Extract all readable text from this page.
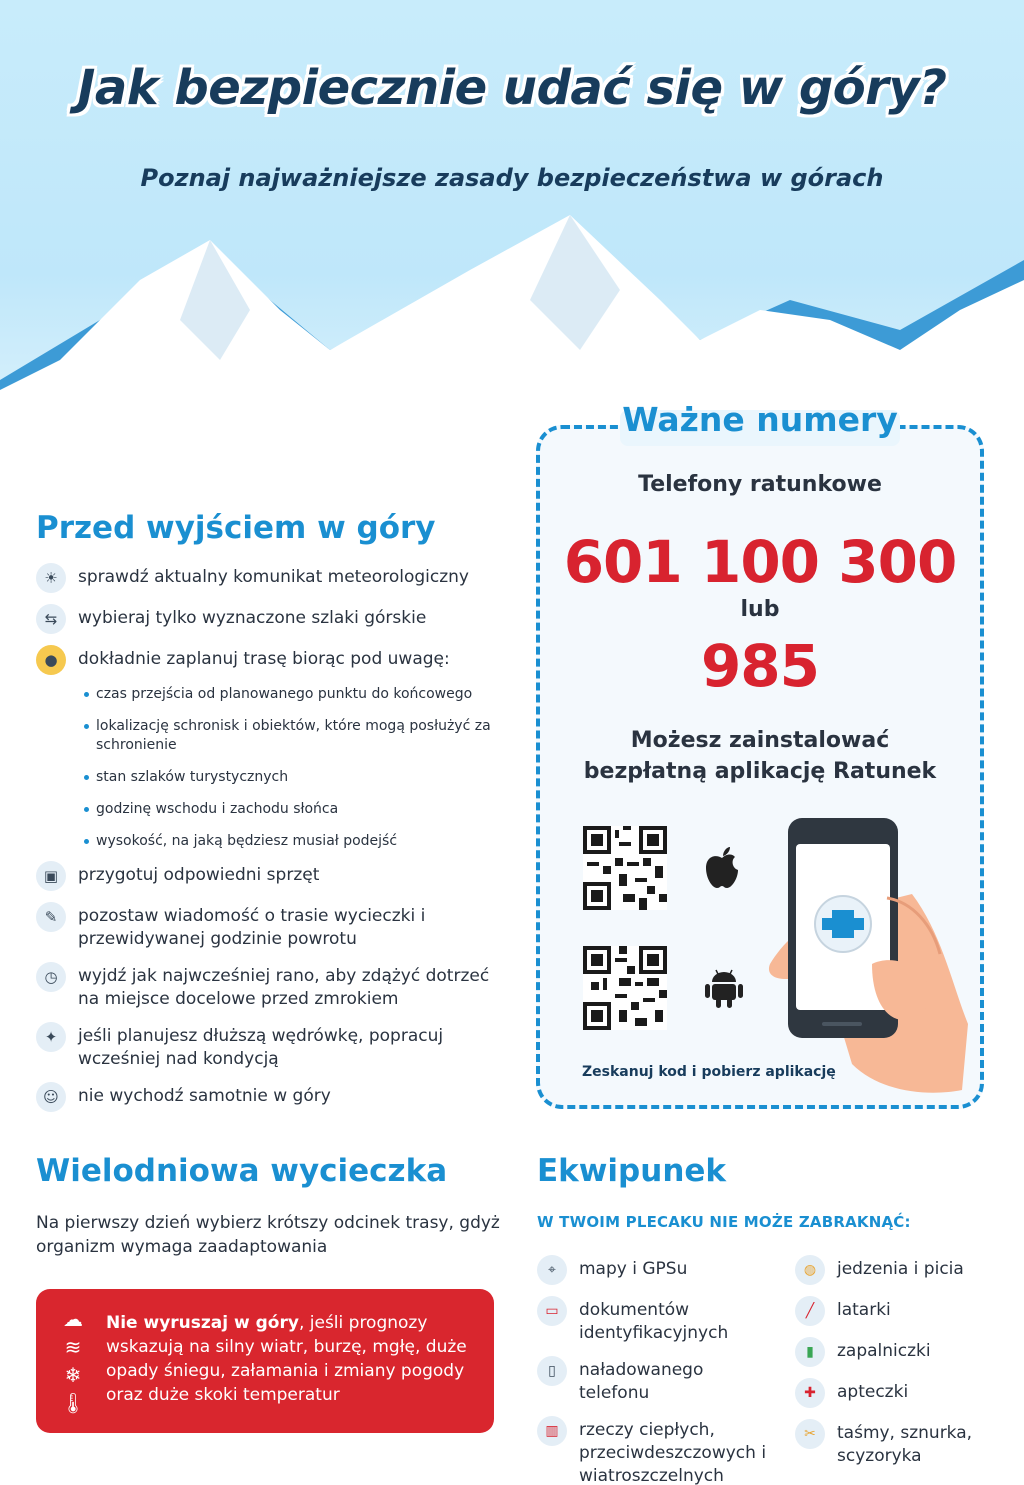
Jak bezpiecznie udać się w góry?
Poznaj najważniejsze zasady bezpieczeństwa w górach
Przed wyjściem w góry
☀	sprawdź aktualny komunikat meteorologiczny
⇆	wybieraj tylko wyznaczone szlaki górskie
●	dokładnie zaplanuj trasę biorąc pod uwagę:
czas przejścia od planowanego punktu do końcowego
lokalizację schronisk i obiektów, które mogą posłużyć za schronienie
stan szlaków turystycznych
godzinę wschodu i zachodu słońca
wysokość, na jaką będziesz musiał podejść
▣	przygotuj odpowiedni sprzęt
✎	pozostaw wiadomość o trasie wycieczki i przewidywanej godzinie powrotu
◷	wyjdź jak najwcześniej rano, aby zdążyć dotrzeć na miejsce docelowe przed zmrokiem
✦	jeśli planujesz dłuższą wędrówkę, popracuj wcześniej nad kondycją
☺	nie wychodź samotnie w góry
Ważne numery
Telefony ratunkowe
601 100 300
lub
985
Możesz zainstalować
bezpłatną aplikację Ratunek
Zeskanuj kod i pobierz aplikację
Wielodniowa wycieczka
Na pierwszy dzień wybierz krótszy odcinek trasy, gdyż organizm wymaga zaadaptowania
☁
≋
❄
🌡
Nie wyruszaj w góry, jeśli prognozy wskazują na silny wiatr, burzę, mgłę, duże opady śniegu, załamania i zmiany pogody oraz duże skoki temperatur
Ekwipunek
W TWOIM PLECAKU NIE MOŻE ZABRAKNĄĆ:
⌖	mapy i GPSu
▭	dokumentów identyfikacyjnych
▯	naładowanego telefonu
▥	rzeczy ciepłych, przeciwdeszczowych i wiatroszczelnych
◍	jedzenia i picia
╱	latarki
▮	zapalniczki
✚	apteczki
✂	taśmy, sznurka, scyzoryka
